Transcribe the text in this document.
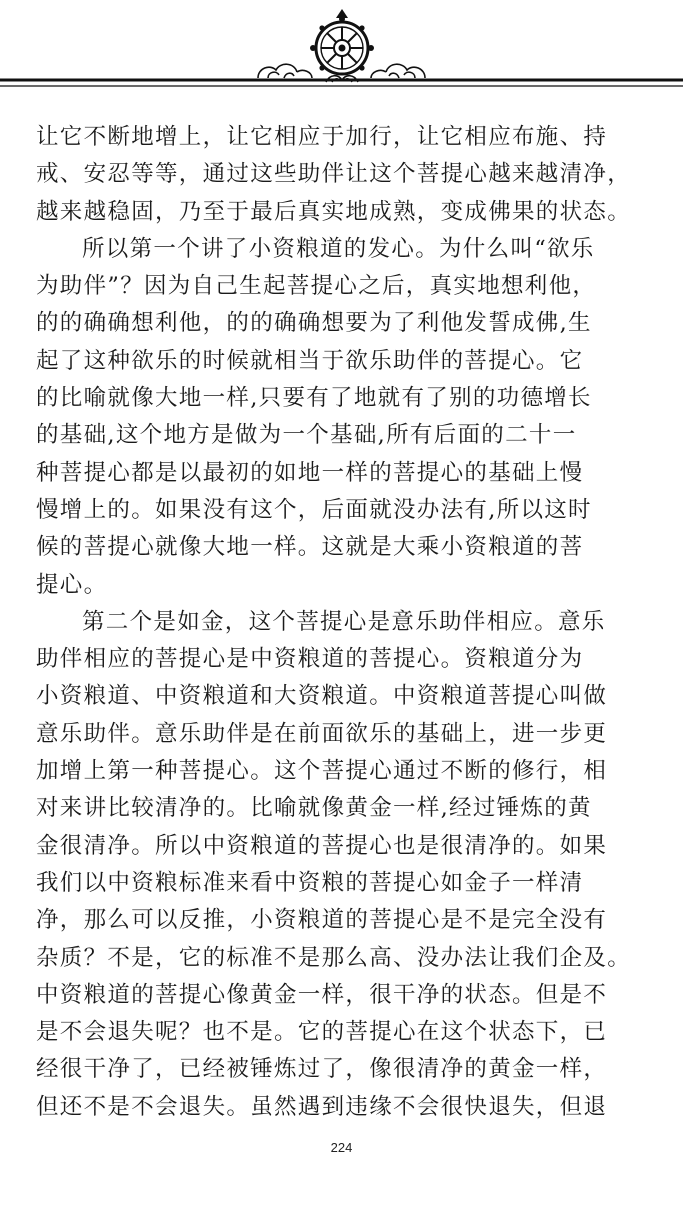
让它不断地增上，让它相应于加行，让它相应布施、持
戒、安忍等等，通过这些助伴让这个菩提心越来越清净，
越来越稳固，乃至于最后真实地成熟，变成佛果的状态。
所以第一个讲了小资粮道的发心。为什么叫“欲乐
为助伴”？因为自己生起菩提心之后，真实地想利他，
的的确确想利他，的的确确想要为了利他发誓成佛,生
起了这种欲乐的时候就相当于欲乐助伴的菩提心。它
的比喻就像大地一样,只要有了地就有了别的功德增长
的基础,这个地方是做为一个基础,所有后面的二十一
种菩提心都是以最初的如地一样的菩提心的基础上慢
慢增上的。如果没有这个，后面就没办法有,所以这时
候的菩提心就像大地一样。这就是大乘小资粮道的菩
提心。
第二个是如金，这个菩提心是意乐助伴相应。意乐
助伴相应的菩提心是中资粮道的菩提心。资粮道分为
小资粮道、中资粮道和大资粮道。中资粮道菩提心叫做
意乐助伴。意乐助伴是在前面欲乐的基础上，进一步更
加增上第一种菩提心。这个菩提心通过不断的修行，相
对来讲比较清净的。比喻就像黄金一样,经过锤炼的黄
金很清净。所以中资粮道的菩提心也是很清净的。如果
我们以中资粮标准来看中资粮的菩提心如金子一样清
净，那么可以反推，小资粮道的菩提心是不是完全没有
杂质？不是，它的标准不是那么高、没办法让我们企及。
中资粮道的菩提心像黄金一样，很干净的状态。但是不
是不会退失呢？也不是。它的菩提心在这个状态下，已
经很干净了，已经被锤炼过了，像很清净的黄金一样，
但还不是不会退失。虽然遇到违缘不会很快退失，但退
224
